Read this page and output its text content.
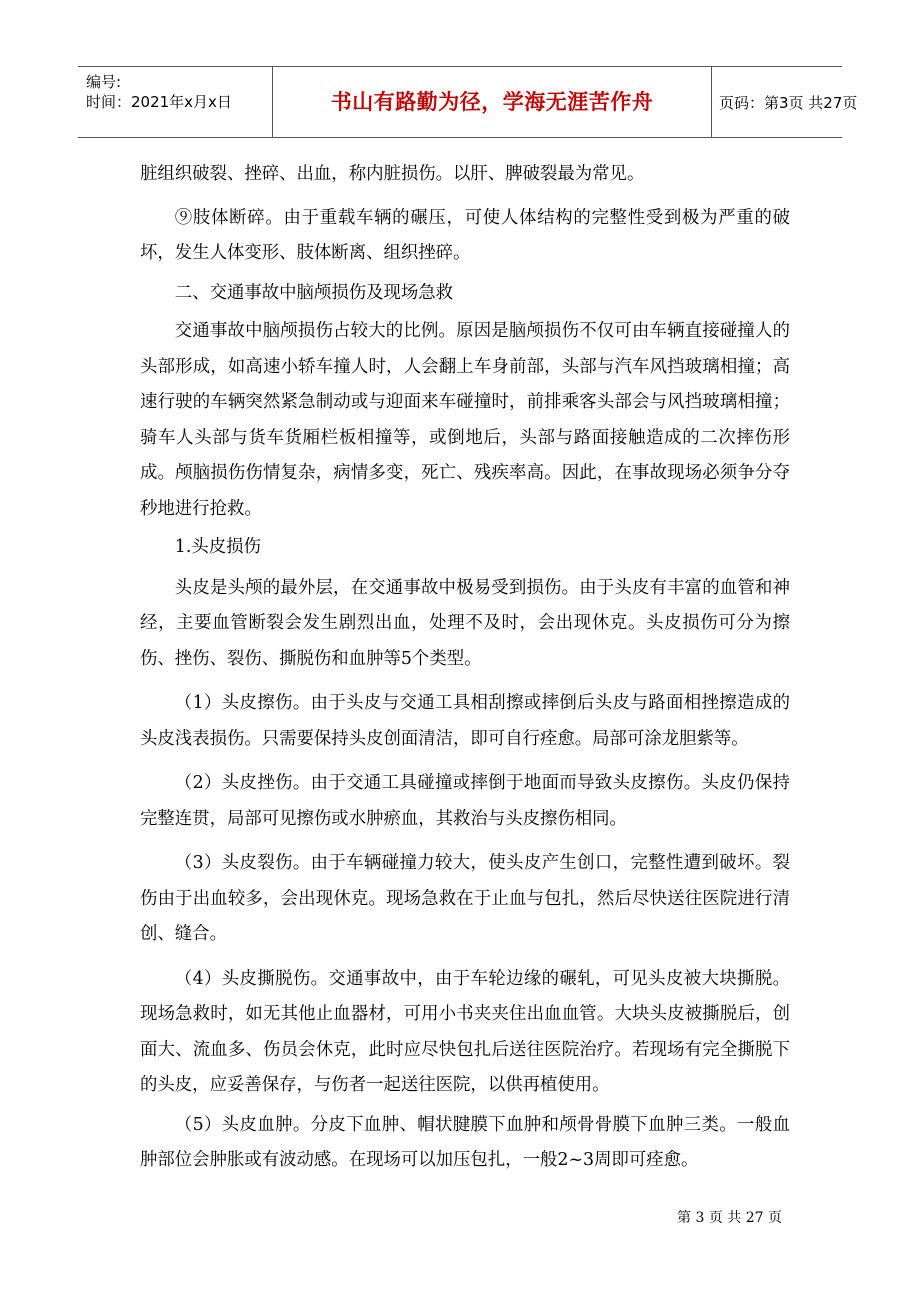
编号:
时间：2021年x月x日	书山有路勤为径，学海无涯苦作舟	页码：第3页 共27页

脏组织破裂、挫碎、出血，称内脏损伤。以肝、脾破裂最为常见。

⑨肢体断碎。由于重载车辆的碾压，可使人体结构的完整性受到极为严重的破坏，发生人体变形、肢体断离、组织挫碎。

二、交通事故中脑颅损伤及现场急救

交通事故中脑颅损伤占较大的比例。原因是脑颅损伤不仅可由车辆直接碰撞人的头部形成，如高速小轿车撞人时，人会翻上车身前部，头部与汽车风挡玻璃相撞；高速行驶的车辆突然紧急制动或与迎面来车碰撞时，前排乘客头部会与风挡玻璃相撞；骑车人头部与货车货厢栏板相撞等，或倒地后，头部与路面接触造成的二次摔伤形成。颅脑损伤伤情复杂，病情多变，死亡、残疾率高。因此，在事故现场必须争分夺秒地进行抢救。

1.头皮损伤

头皮是头颅的最外层，在交通事故中极易受到损伤。由于头皮有丰富的血管和神经，主要血管断裂会发生剧烈出血，处理不及时，会出现休克。头皮损伤可分为擦伤、挫伤、裂伤、撕脱伤和血肿等5个类型。

（1）头皮擦伤。由于头皮与交通工具相刮擦或摔倒后头皮与路面相挫擦造成的头皮浅表损伤。只需要保持头皮创面清洁，即可自行痊愈。局部可涂龙胆紫等。

（2）头皮挫伤。由于交通工具碰撞或摔倒于地面而导致头皮擦伤。头皮仍保持完整连贯，局部可见擦伤或水肿瘀血，其救治与头皮擦伤相同。

（3）头皮裂伤。由于车辆碰撞力较大，使头皮产生创口，完整性遭到破坏。裂伤由于出血较多，会出现休克。现场急救在于止血与包扎，然后尽快送往医院进行清创、缝合。

（4）头皮撕脱伤。交通事故中，由于车轮边缘的碾轧，可见头皮被大块撕脱。现场急救时，如无其他止血器材，可用小书夹夹住出血血管。大块头皮被撕脱后，创面大、流血多、伤员会休克，此时应尽快包扎后送往医院治疗。若现场有完全撕脱下的头皮，应妥善保存，与伤者一起送往医院，以供再植使用。

（5）头皮血肿。分皮下血肿、帽状腱膜下血肿和颅骨骨膜下血肿三类。一般血肿部位会肿胀或有波动感。在现场可以加压包扎，一般2~3周即可痊愈。

第 3 页 共 27 页
